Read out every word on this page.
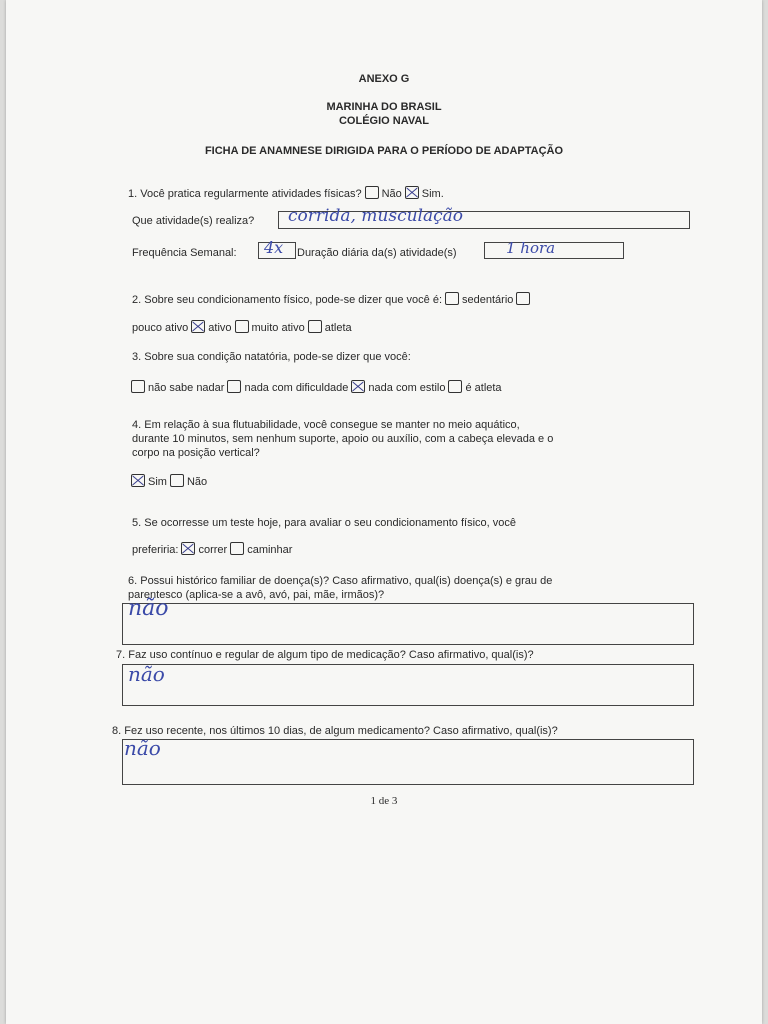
ANEXO G
MARINHA DO BRASIL
COLÉGIO NAVAL
FICHA DE ANAMNESE DIRIGIDA PARA O PERÍODO DE ADAPTAÇÃO
1. Você pratica regularmente atividades físicas? Não Sim.
Que atividade(s) realiza? corrida, musculação
Frequência Semanal: 4x Duração diária da(s) atividade(s)	1 hora
2. Sobre seu condicionamento físico, pode-se dizer que você é: sedentário
pouco ativo ativo muito ativo atleta
3. Sobre sua condição natatória, pode-se dizer que você:
não sabe nadar nada com dificuldade nada com estilo é atleta
4. Em relação à sua flutuabilidade, você consegue se manter no meio aquático,
durante 10 minutos, sem nenhum suporte, apoio ou auxílio, com a cabeça elevada e o
corpo na posição vertical?
Sim Não
5. Se ocorresse um teste hoje, para avaliar o seu condicionamento físico, você
preferiria: correr caminhar
6. Possui histórico familiar de doença(s)? Caso afirmativo, qual(is) doença(s) e grau de
parentesco (aplica-se a avô, avó, pai, mãe, irmãos)?
não
7. Faz uso contínuo e regular de algum tipo de medicação? Caso afirmativo, qual(is)?
não
8. Fez uso recente, nos últimos 10 dias, de algum medicamento? Caso afirmativo, qual(is)?
não
1 de 3
